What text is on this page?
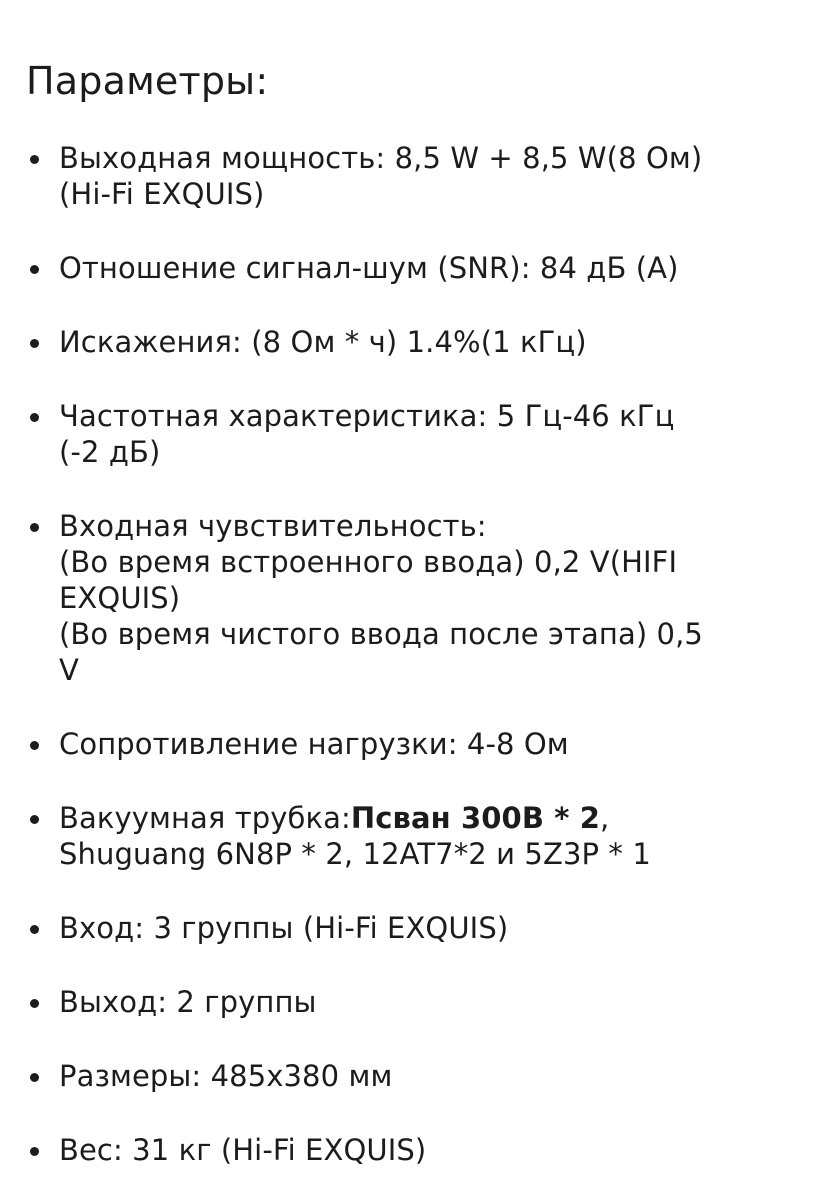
Параметры:
Выходная мощность: 8,5 W + 8,5 W(8 Ом)
(Hi-Fi EXQUIS)
Отношение сигнал-шум (SNR): 84 дБ (А)
Искажения: (8 Ом * ч) 1.4%(1 кГц)
Частотная характеристика: 5 Гц-46 кГц
(-2 дБ)
Входная чувствительность:
(Во время встроенного ввода) 0,2 V(HIFI
EXQUIS)
(Во время чистого ввода после этапа) 0,5
V
Сопротивление нагрузки: 4-8 Ом
Вакуумная трубка:Псван 300В * 2,
Shuguang 6N8P * 2, 12AT7*2 и 5Z3P * 1
Вход: 3 группы (Hi-Fi EXQUIS)
Выход: 2 группы
Размеры: 485x380 мм
Вес: 31 кг (Hi-Fi EXQUIS)
